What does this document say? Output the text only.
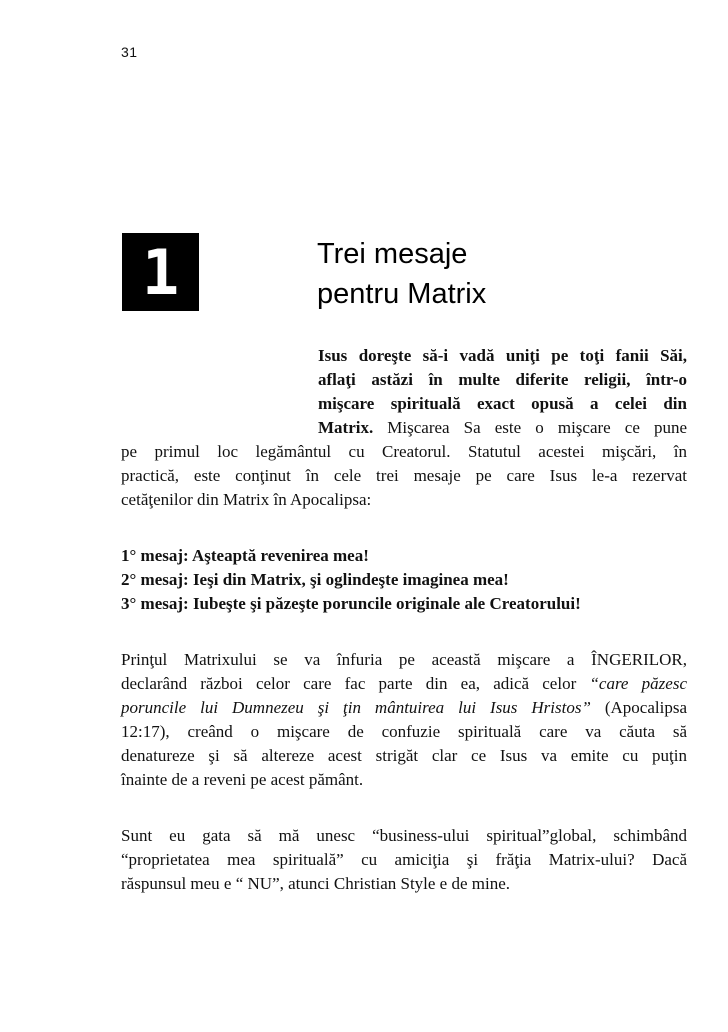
31
1	Trei mesaje
pentru Matrix
Isus doreşte să-i vadă uniţi pe toţi fanii Săi,
aflaţi astăzi în multe diferite religii, într-o
mişcare spirituală exact opusă a celei din
Matrix. Mişcarea Sa este o mişcare ce pune
pe primul loc legământul cu Creatorul. Statutul acestei mişcări, în
practică, este conţinut în cele trei mesaje pe care Isus le-a rezervat
cetăţenilor din Matrix în Apocalipsa:
1° mesaj: Aşteaptă revenirea mea!
2° mesaj: Ieşi din Matrix, şi oglindeşte imaginea mea!
3° mesaj: Iubeşte şi păzeşte poruncile originale ale Creatorului!
Prinţul Matrixului se va înfuria pe această mişcare a ÎNGERILOR,
declarând război celor care fac parte din ea, adică celor “care păzesc
poruncile lui Dumnezeu şi ţin mântuirea lui Isus Hristos” (Apocalipsa
12:17), creând o mişcare de confuzie spirituală care va căuta să
denatureze şi să altereze acest strigăt clar ce Isus va emite cu puţin
înainte de a reveni pe acest pământ.
Sunt eu gata să mă unesc “business-ului spiritual”global, schimbând
“proprietatea mea spirituală” cu amiciţia şi frăţia Matrix-ului? Dacă
răspunsul meu e “ NU”, atunci Christian Style e de mine.
